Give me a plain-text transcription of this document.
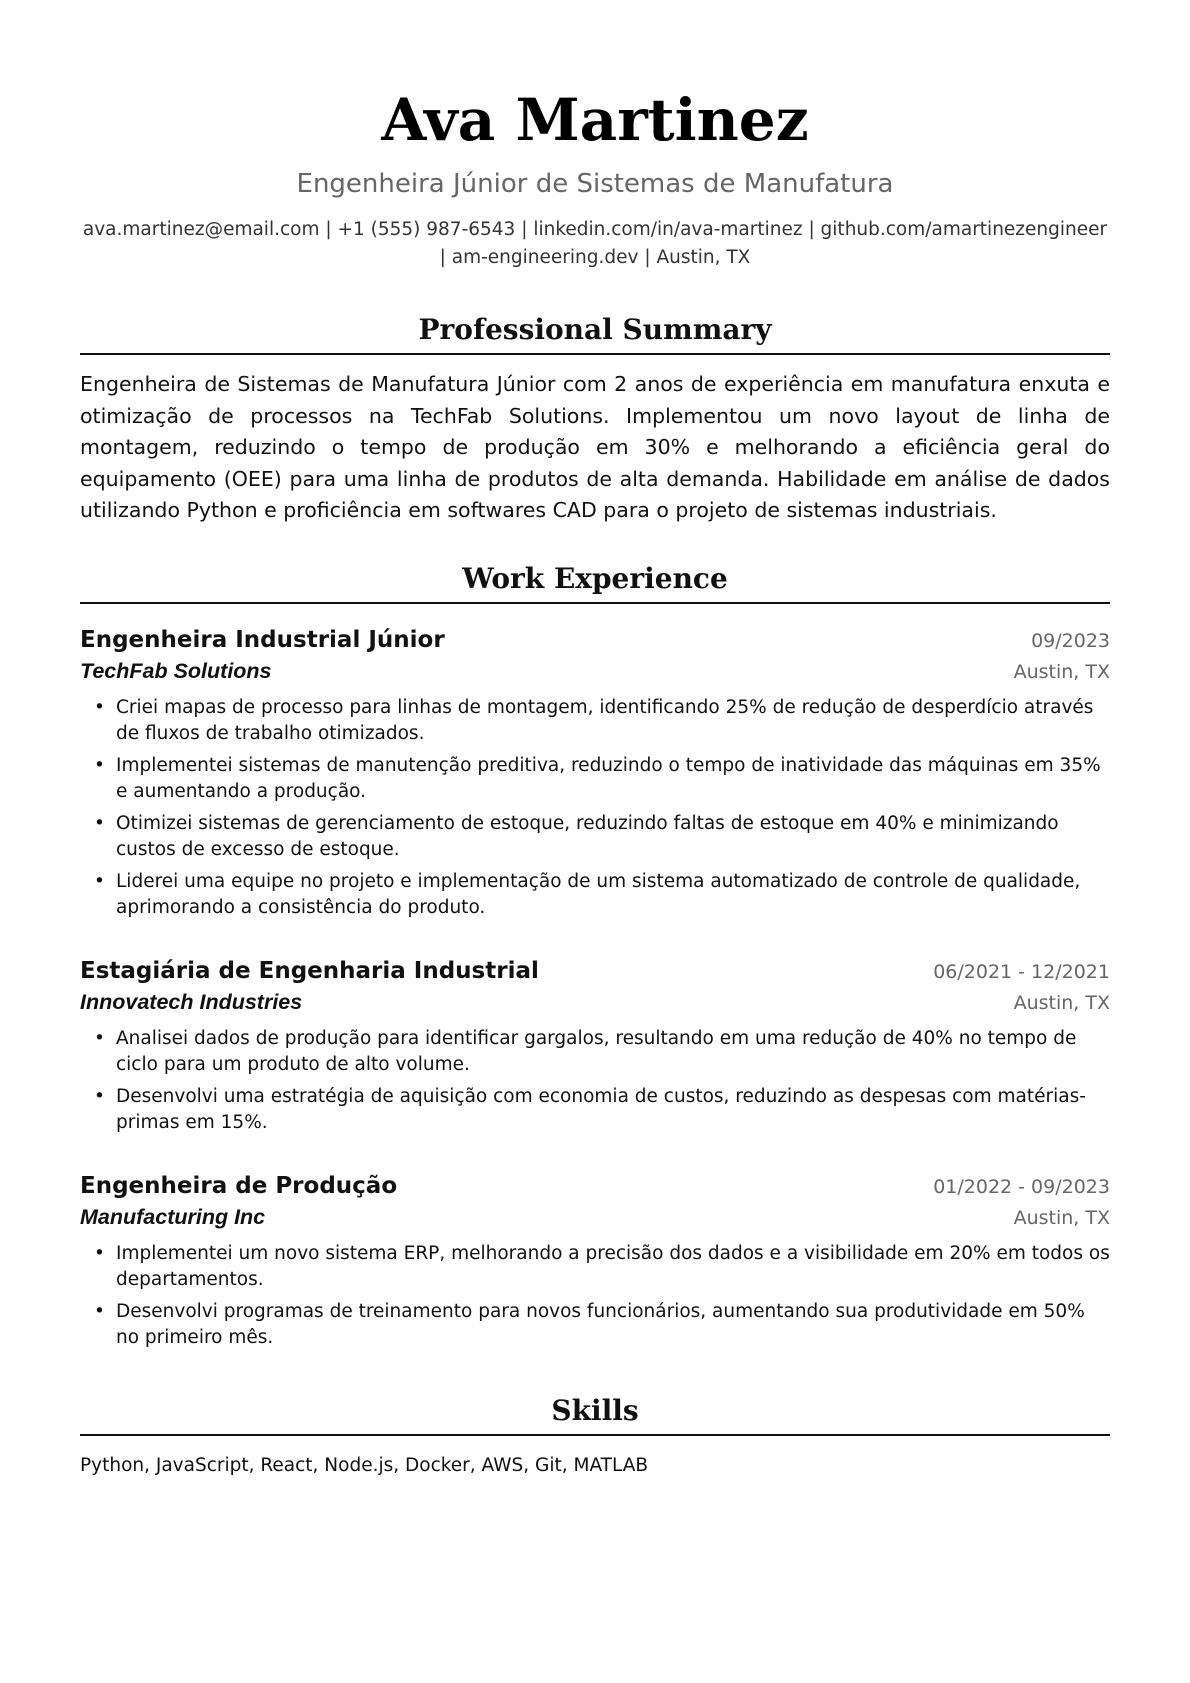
Ava Martinez
Engenheira Júnior de Sistemas de Manufatura
ava.martinez@email.com | +1 (555) 987-6543 | linkedin.com/in/ava-martinez | github.com/amartinezengineer | am-engineering.dev | Austin, TX
Professional Summary
Engenheira de Sistemas de Manufatura Júnior com 2 anos de experiência em manufatura enxuta e otimização de processos na TechFab Solutions. Implementou um novo layout de linha de montagem, reduzindo o tempo de produção em 30% e melhorando a eficiência geral do equipamento (OEE) para uma linha de produtos de alta demanda. Habilidade em análise de dados utilizando Python e proficiência em softwares CAD para o projeto de sistemas industriais.
Work Experience
Engenheira Industrial Júnior	09/2023
TechFab Solutions	Austin, TX
• Criei mapas de processo para linhas de montagem, identificando 25% de redução de desperdício através de fluxos de trabalho otimizados.
• Implementei sistemas de manutenção preditiva, reduzindo o tempo de inatividade das máquinas em 35% e aumentando a produção.
• Otimizei sistemas de gerenciamento de estoque, reduzindo faltas de estoque em 40% e minimizando custos de excesso de estoque.
• Liderei uma equipe no projeto e implementação de um sistema automatizado de controle de qualidade, aprimorando a consistência do produto.
Estagiária de Engenharia Industrial	06/2021 - 12/2021
Innovatech Industries	Austin, TX
• Analisei dados de produção para identificar gargalos, resultando em uma redução de 40% no tempo de ciclo para um produto de alto volume.
• Desenvolvi uma estratégia de aquisição com economia de custos, reduzindo as despesas com matérias-primas em 15%.
Engenheira de Produção	01/2022 - 09/2023
Manufacturing Inc	Austin, TX
• Implementei um novo sistema ERP, melhorando a precisão dos dados e a visibilidade em 20% em todos os departamentos.
• Desenvolvi programas de treinamento para novos funcionários, aumentando sua produtividade em 50% no primeiro mês.
Skills
Python, JavaScript, React, Node.js, Docker, AWS, Git, MATLAB
